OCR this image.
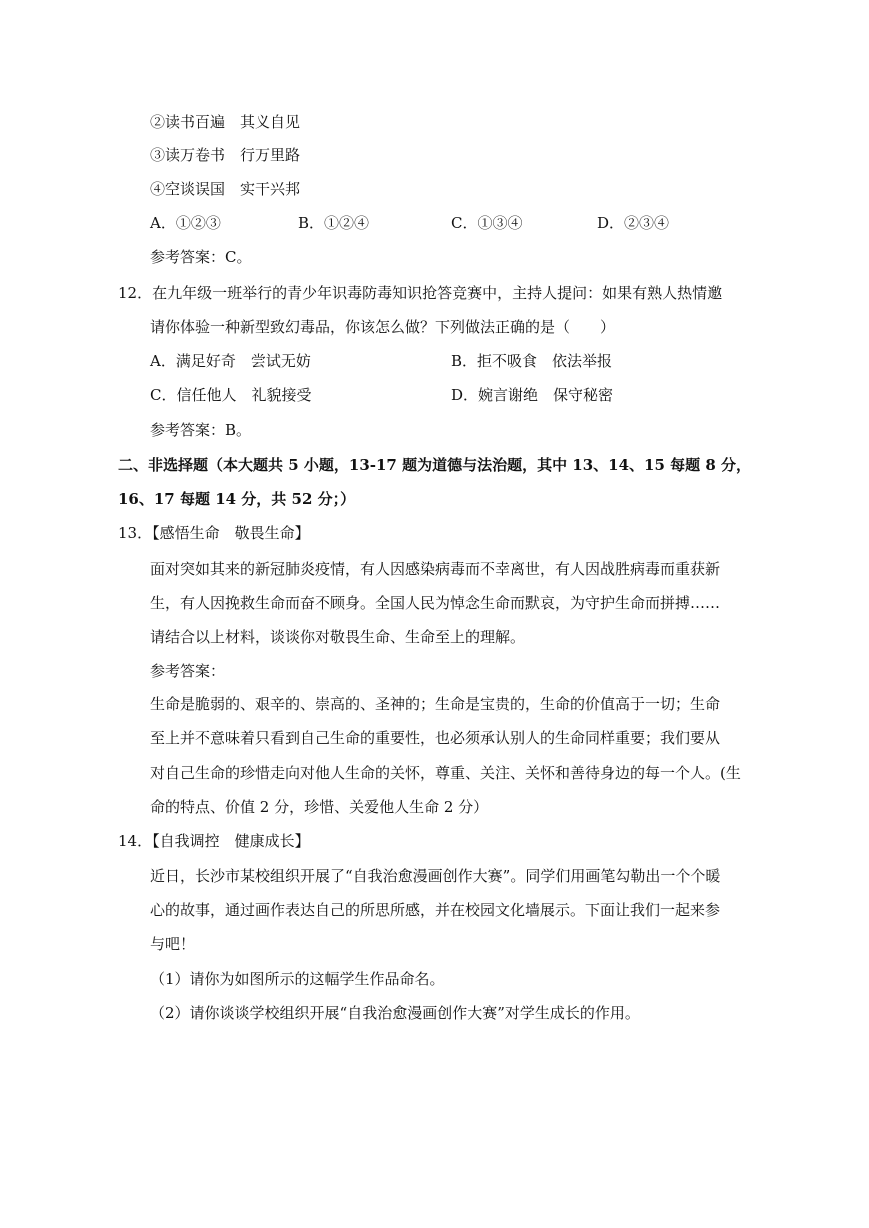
②读书百遍　其义自见
③读万卷书　行万里路
④空谈误国　实干兴邦
A．①②③	B．①②④	C．①③④	D．②③④
参考答案：C。
12．在九年级一班举行的青少年识毒防毒知识抢答竞赛中，主持人提问：如果有熟人热情邀
请你体验一种新型致幻毒品，你该怎么做？下列做法正确的是（　　）
A．满足好奇　尝试无妨	B．拒不吸食　依法举报
C．信任他人　礼貌接受	D．婉言谢绝　保守秘密
参考答案：B。
二、非选择题（本大题共 5 小题，13-17 题为道德与法治题，其中 13、14、15 每题 8 分，
16、17 每题 14 分，共 52 分；）
13．【感悟生命　敬畏生命】
面对突如其来的新冠肺炎疫情，有人因感染病毒而不幸离世，有人因战胜病毒而重获新
生，有人因挽救生命而奋不顾身。全国人民为悼念生命而默哀，为守护生命而拼搏……
请结合以上材料，谈谈你对敬畏生命、生命至上的理解。
参考答案：
生命是脆弱的、艰辛的、崇高的、圣神的；生命是宝贵的，生命的价值高于一切；生命
至上并不意味着只看到自己生命的重要性，也必须承认别人的生命同样重要；我们要从
对自己生命的珍惜走向对他人生命的关怀，尊重、关注、关怀和善待身边的每一个人。(生
命的特点、价值 2 分，珍惜、关爱他人生命 2 分）
14．【自我调控　健康成长】
近日，长沙市某校组织开展了“自我治愈漫画创作大赛”。同学们用画笔勾勒出一个个暖
心的故事，通过画作表达自己的所思所感，并在校园文化墙展示。下面让我们一起来参
与吧！
（1）请你为如图所示的这幅学生作品命名。
（2）请你谈谈学校组织开展“自我治愈漫画创作大赛”对学生成长的作用。
